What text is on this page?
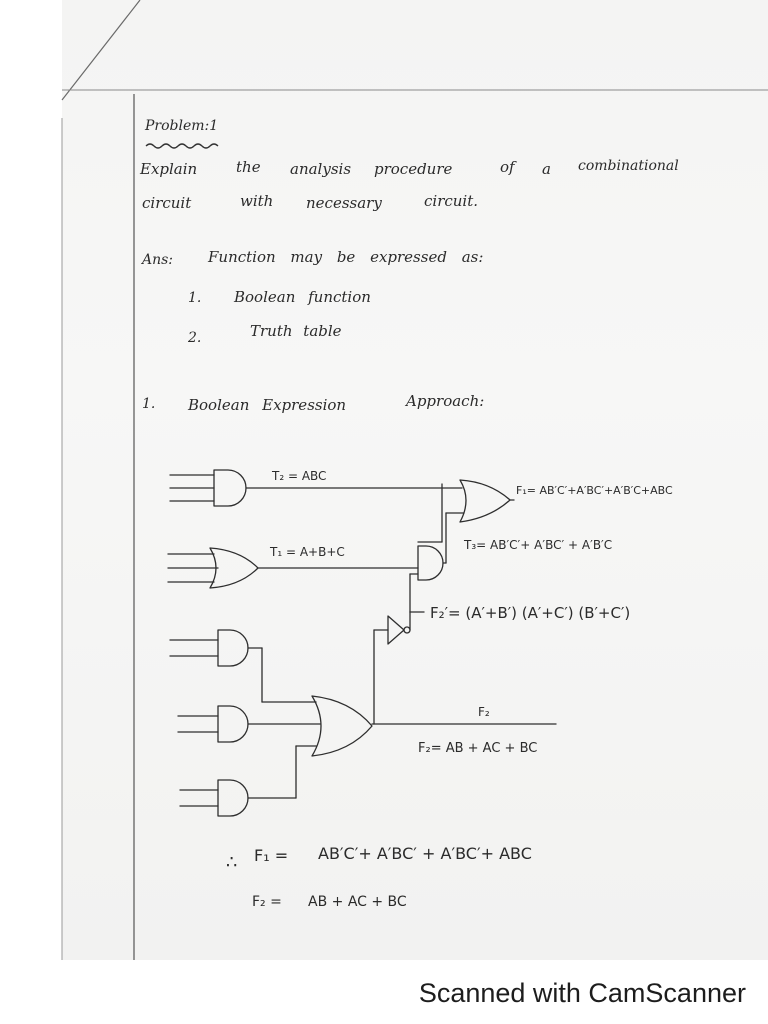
T₂ = ABC
T₁ = A+B+C
F₁= AB′C′+A′BC′+A′B′C+ABC
T₃= AB′C′+ A′BC′ + A′B′C
F₂′= (A′+B′) (A′+C′) (B′+C′)
F₂
F₂= AB + AC + BC
Problem:1
Explain	the analysis procedure	of a combinational
circuit	with necessary	circuit.
Ans: Function may be expressed as:
1. Boolean function
2.	Truth table
1. Boolean Expression	Approach:
∴ F₁ = AB′C′+ A′BC′ + A′BC′+ ABC
F₂ = AB + AC + BC
Scanned with CamScanner
